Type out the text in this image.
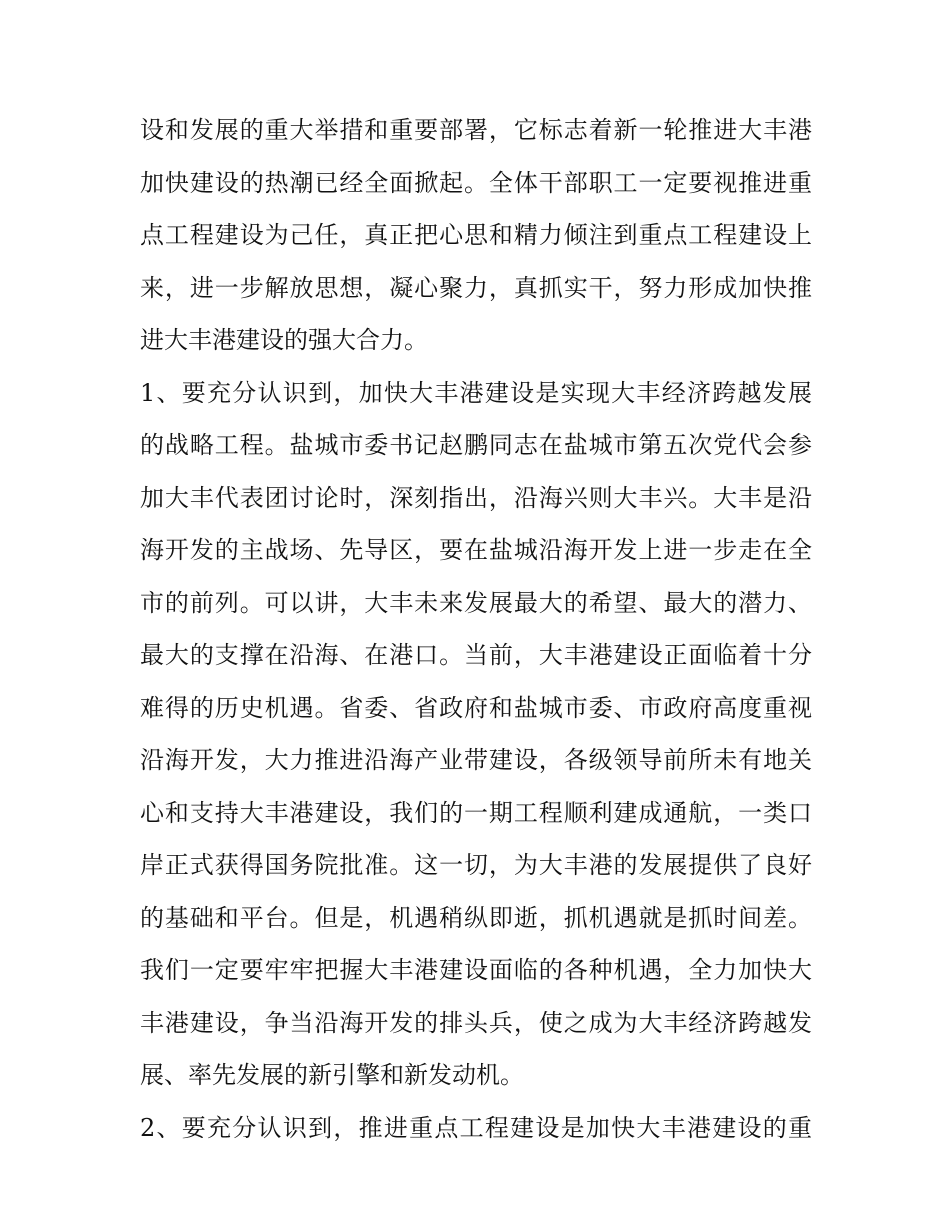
设和发展的重大举措和重要部署，它标志着新一轮推进大丰港
加快建设的热潮已经全面掀起。全体干部职工一定要视推进重
点工程建设为己任，真正把心思和精力倾注到重点工程建设上
来，进一步解放思想，凝心聚力，真抓实干，努力形成加快推
进大丰港建设的强大合力。
1、要充分认识到，加快大丰港建设是实现大丰经济跨越发展
的战略工程。盐城市委书记赵鹏同志在盐城市第五次党代会参
加大丰代表团讨论时，深刻指出，沿海兴则大丰兴。大丰是沿
海开发的主战场、先导区，要在盐城沿海开发上进一步走在全
市的前列。可以讲，大丰未来发展最大的希望、最大的潜力、
最大的支撑在沿海、在港口。当前，大丰港建设正面临着十分
难得的历史机遇。省委、省政府和盐城市委、市政府高度重视
沿海开发，大力推进沿海产业带建设，各级领导前所未有地关
心和支持大丰港建设，我们的一期工程顺利建成通航，一类口
岸正式获得国务院批准。这一切，为大丰港的发展提供了良好
的基础和平台。但是，机遇稍纵即逝，抓机遇就是抓时间差。
我们一定要牢牢把握大丰港建设面临的各种机遇，全力加快大
丰港建设，争当沿海开发的排头兵，使之成为大丰经济跨越发
展、率先发展的新引擎和新发动机。
2、要充分认识到，推进重点工程建设是加快大丰港建设的重
